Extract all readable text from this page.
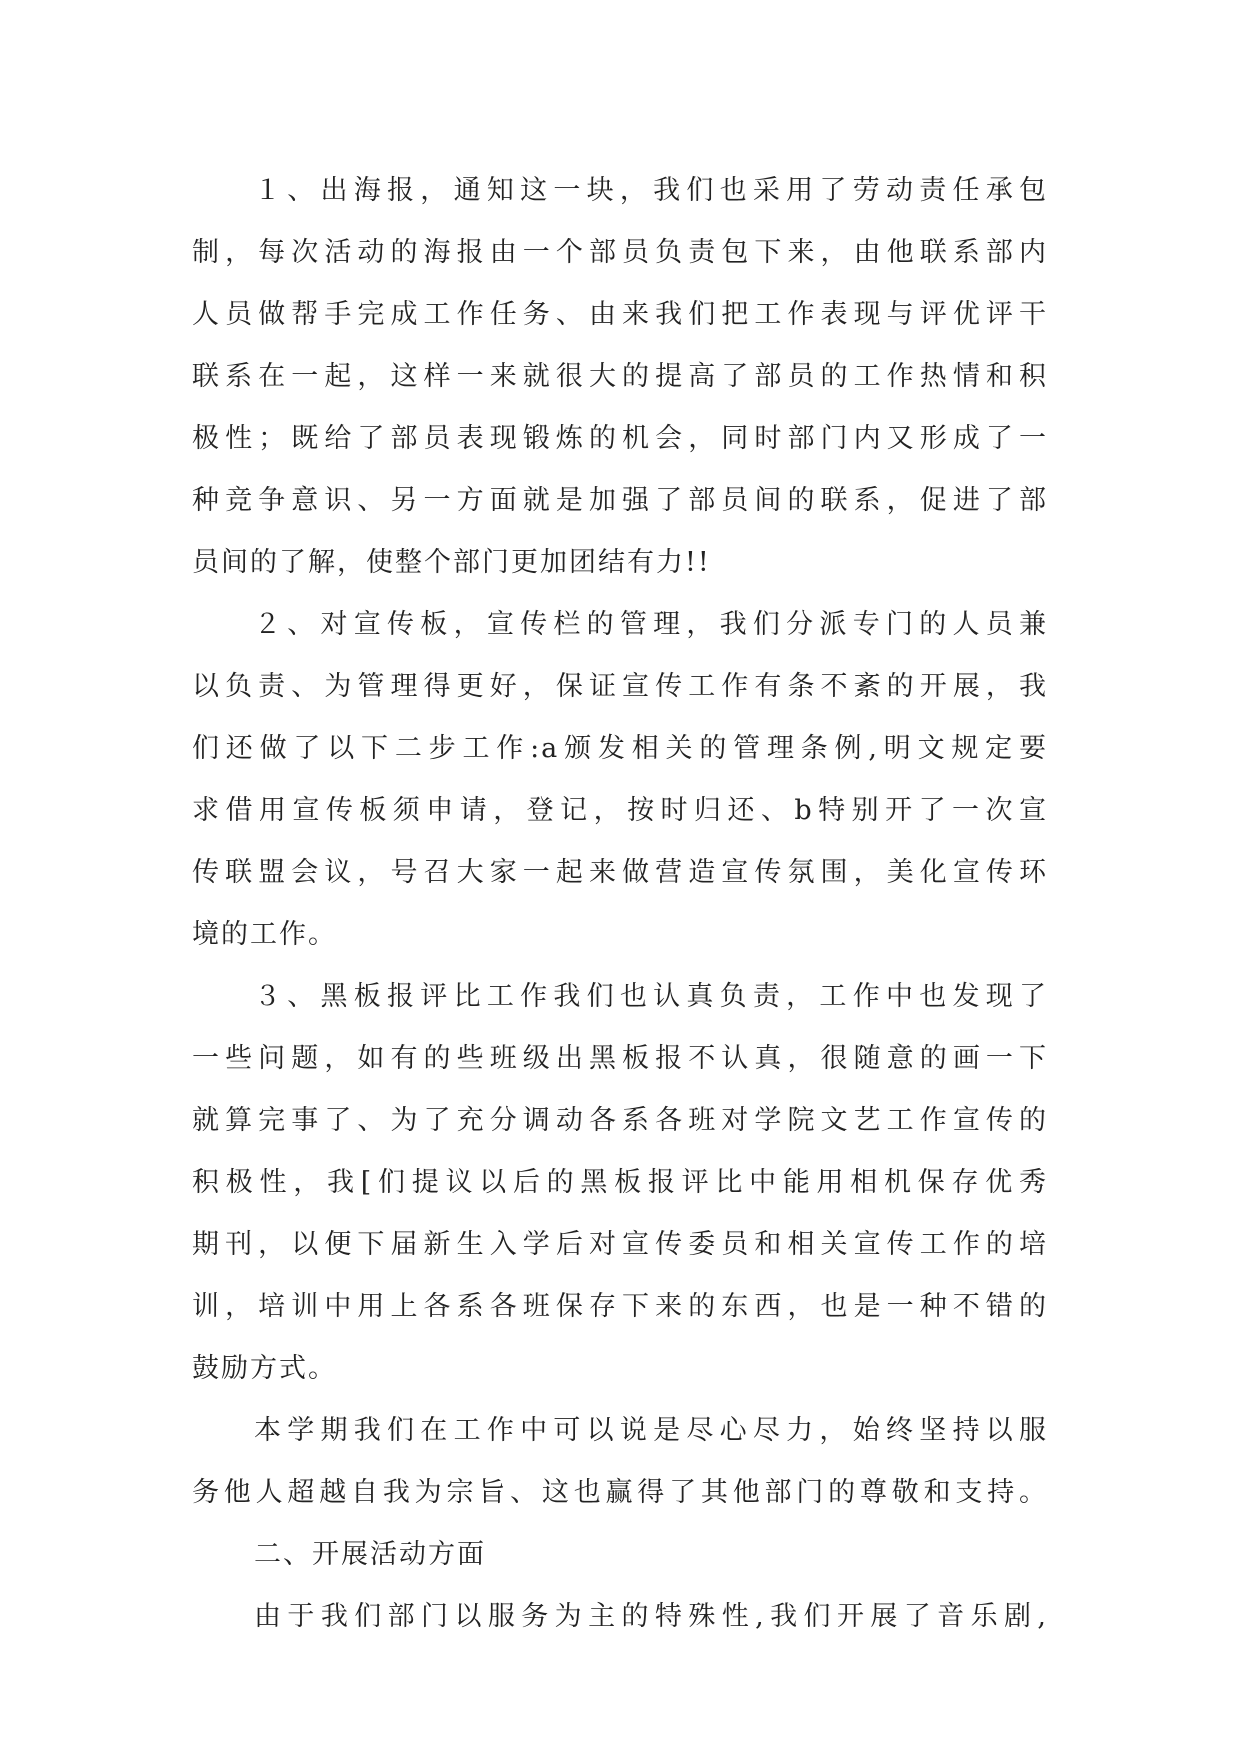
１、出海报，通知这一块，我们也采用了劳动责任承包
制，每次活动的海报由一个部员负责包下来，由他联系部内
人员做帮手完成工作任务、由来我们把工作表现与评优评干
联系在一起，这样一来就很大的提高了部员的工作热情和积
极性；既给了部员表现锻炼的机会，同时部门内又形成了一
种竞争意识、另一方面就是加强了部员间的联系，促进了部
员间的了解，使整个部门更加团结有力!!
２、对宣传板，宣传栏的管理，我们分派专门的人员兼
以负责、为管理得更好，保证宣传工作有条不紊的开展，我
们还做了以下二步工作:a颁发相关的管理条例,明文规定要
求借用宣传板须申请，登记，按时归还、b特别开了一次宣
传联盟会议，号召大家一起来做营造宣传氛围，美化宣传环
境的工作。
３、黑板报评比工作我们也认真负责，工作中也发现了
一些问题，如有的些班级出黑板报不认真，很随意的画一下
就算完事了、为了充分调动各系各班对学院文艺工作宣传的
积极性，我[们提议以后的黑板报评比中能用相机保存优秀
期刊，以便下届新生入学后对宣传委员和相关宣传工作的培
训，培训中用上各系各班保存下来的东西，也是一种不错的
鼓励方式。
本学期我们在工作中可以说是尽心尽力，始终坚持以服
务他人超越自我为宗旨、这也赢得了其他部门的尊敬和支持。
二、开展活动方面
由于我们部门以服务为主的特殊性,我们开展了音乐剧,
